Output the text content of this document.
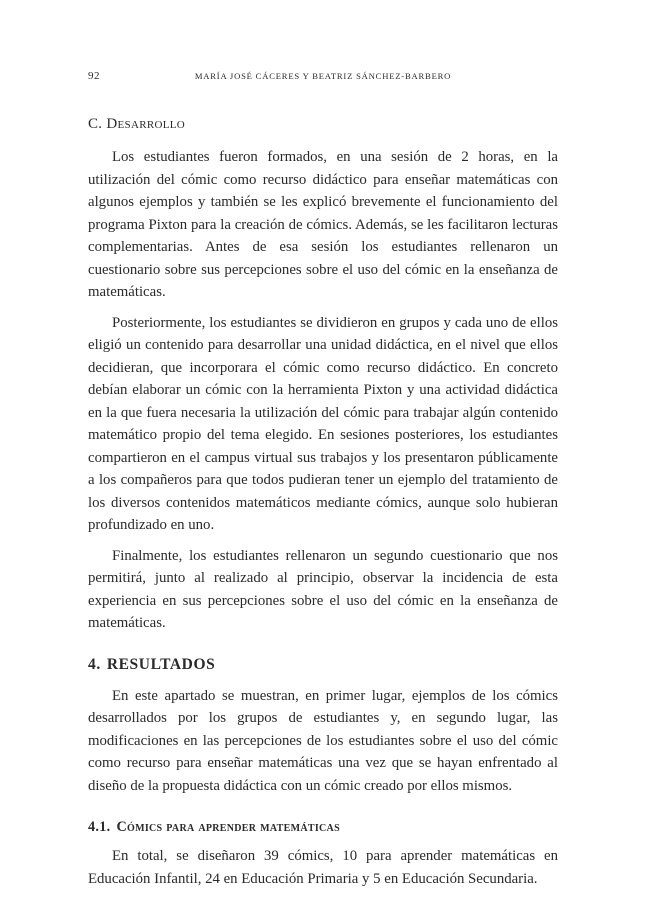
92	MARÍA JOSÉ CÁCERES Y BEATRIZ SÁNCHEZ-BARBERO
C. Desarrollo

Los estudiantes fueron formados, en una sesión de 2 horas, en la utilización del cómic como recurso didáctico para enseñar matemáticas con algunos ejemplos y también se les explicó brevemente el funcionamiento del programa Pixton para la creación de cómics. Además, se les facilitaron lecturas complementarias. Antes de esa sesión los estudiantes rellenaron un cuestionario sobre sus percepciones sobre el uso del cómic en la enseñanza de matemáticas.

Posteriormente, los estudiantes se dividieron en grupos y cada uno de ellos eligió un contenido para desarrollar una unidad didáctica, en el nivel que ellos decidieran, que incorporara el cómic como recurso didáctico. En concreto debían elaborar un cómic con la herramienta Pixton y una actividad didáctica en la que fuera necesaria la utilización del cómic para trabajar algún contenido matemático propio del tema elegido. En sesiones posteriores, los estudiantes compartieron en el campus virtual sus trabajos y los presentaron públicamente a los compañeros para que todos pudieran tener un ejemplo del tratamiento de los diversos contenidos matemáticos mediante cómics, aunque solo hubieran profundizado en uno.

Finalmente, los estudiantes rellenaron un segundo cuestionario que nos permitirá, junto al realizado al principio, observar la incidencia de esta experiencia en sus percepciones sobre el uso del cómic en la enseñanza de matemáticas.

4. RESULTADOS

En este apartado se muestran, en primer lugar, ejemplos de los cómics desarrollados por los grupos de estudiantes y, en segundo lugar, las modificaciones en las percepciones de los estudiantes sobre el uso del cómic como recurso para enseñar matemáticas una vez que se hayan enfrentado al diseño de la propuesta didáctica con un cómic creado por ellos mismos.

4.1. Cómics para aprender matemáticas

En total, se diseñaron 39 cómics, 10 para aprender matemáticas en Educación Infantil, 24 en Educación Primaria y 5 en Educación Secundaria.
